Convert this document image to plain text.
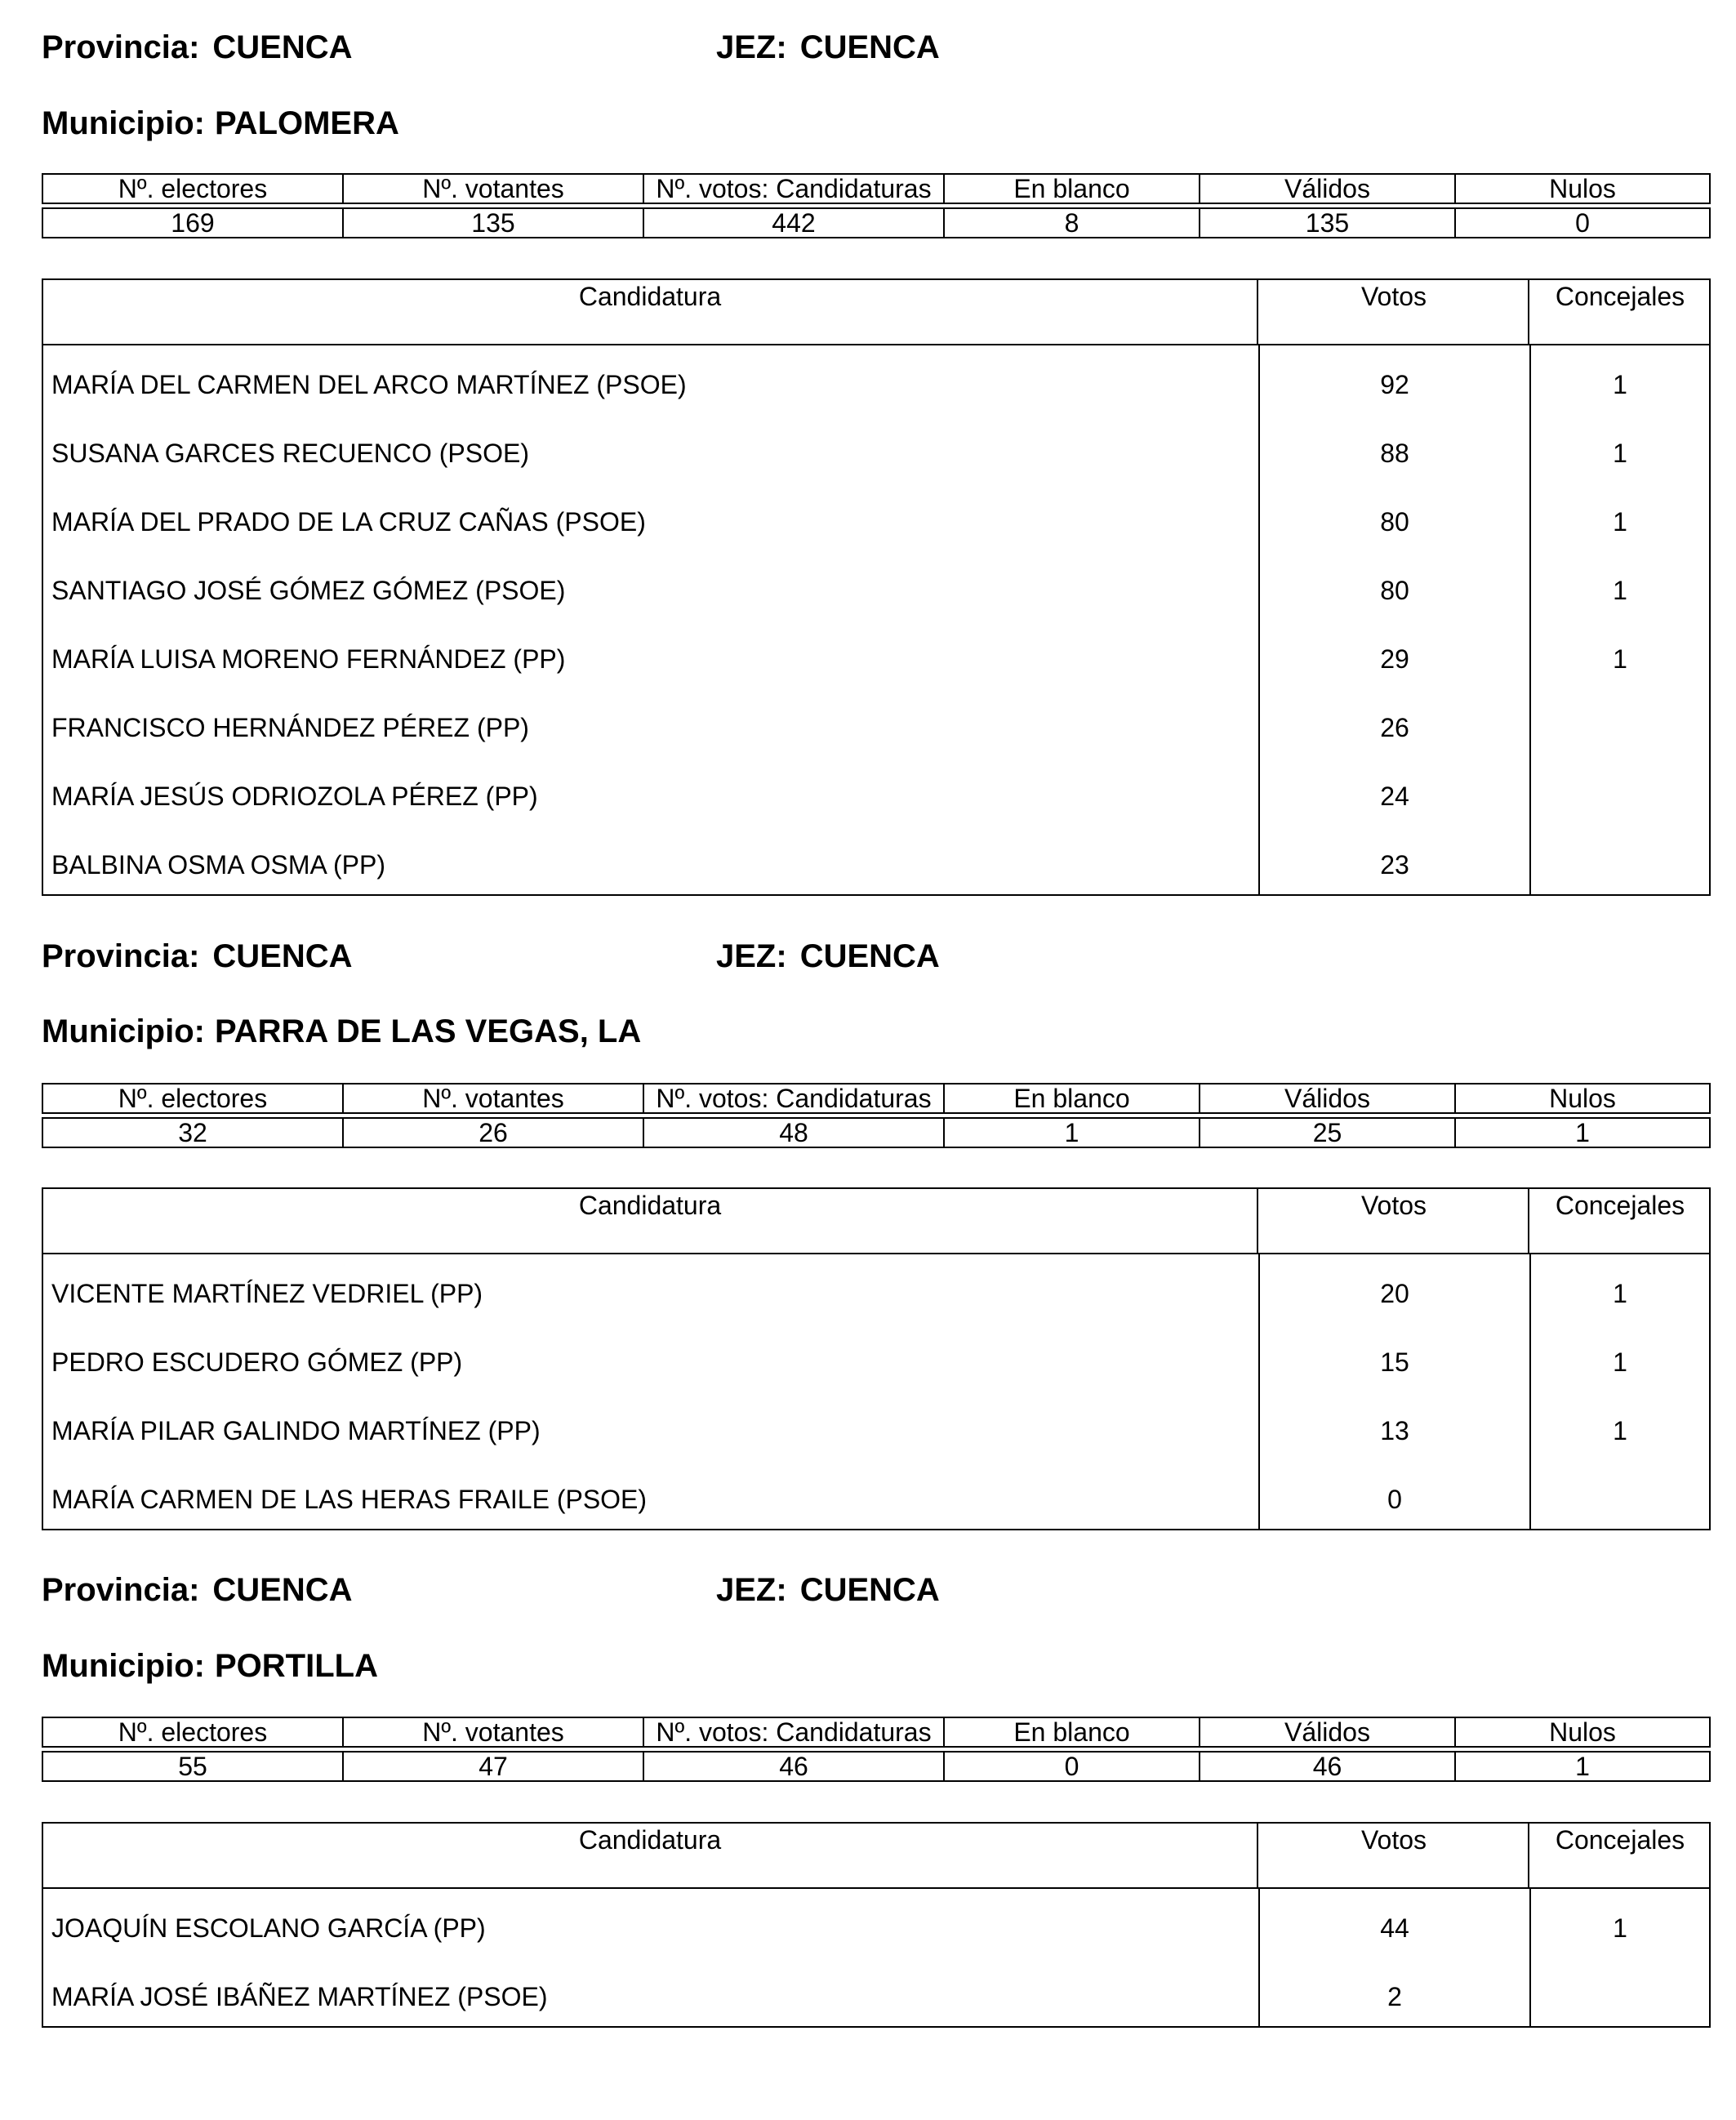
Provincia: CUENCA	JEZ: CUENCA
Municipio: PALOMERA
Nº. electores	Nº. votantes	Nº. votos: Candidaturas	En blanco	Válidos	Nulos

169	135	442	8	135	0
Candidatura	Votos	Concejales
MARÍA DEL CARMEN DEL ARCO MARTÍNEZ (PSOE)	92	1
SUSANA GARCES RECUENCO (PSOE)	88	1
MARÍA DEL PRADO DE LA CRUZ CAÑAS (PSOE)	80	1
SANTIAGO JOSÉ GÓMEZ GÓMEZ (PSOE)	80	1
MARÍA LUISA MORENO FERNÁNDEZ (PP)	29	1
FRANCISCO HERNÁNDEZ PÉREZ (PP)	26
MARÍA JESÚS ODRIOZOLA PÉREZ (PP)	24
BALBINA OSMA OSMA (PP)	23
Provincia: CUENCA	JEZ: CUENCA
Municipio: PARRA DE LAS VEGAS, LA
Nº. electores	Nº. votantes	Nº. votos: Candidaturas	En blanco	Válidos	Nulos

32	26	48	1	25	1
Candidatura	Votos	Concejales
VICENTE MARTÍNEZ VEDRIEL (PP)	20	1
PEDRO ESCUDERO GÓMEZ (PP)	15	1
MARÍA PILAR GALINDO MARTÍNEZ (PP)	13	1
MARÍA CARMEN DE LAS HERAS FRAILE (PSOE)	0
Provincia: CUENCA	JEZ: CUENCA
Municipio: PORTILLA
Nº. electores	Nº. votantes	Nº. votos: Candidaturas	En blanco	Válidos	Nulos

55	47	46	0	46	1
Candidatura	Votos	Concejales
JOAQUÍN ESCOLANO GARCÍA (PP)	44	1
MARÍA JOSÉ IBÁÑEZ MARTÍNEZ (PSOE)	2
